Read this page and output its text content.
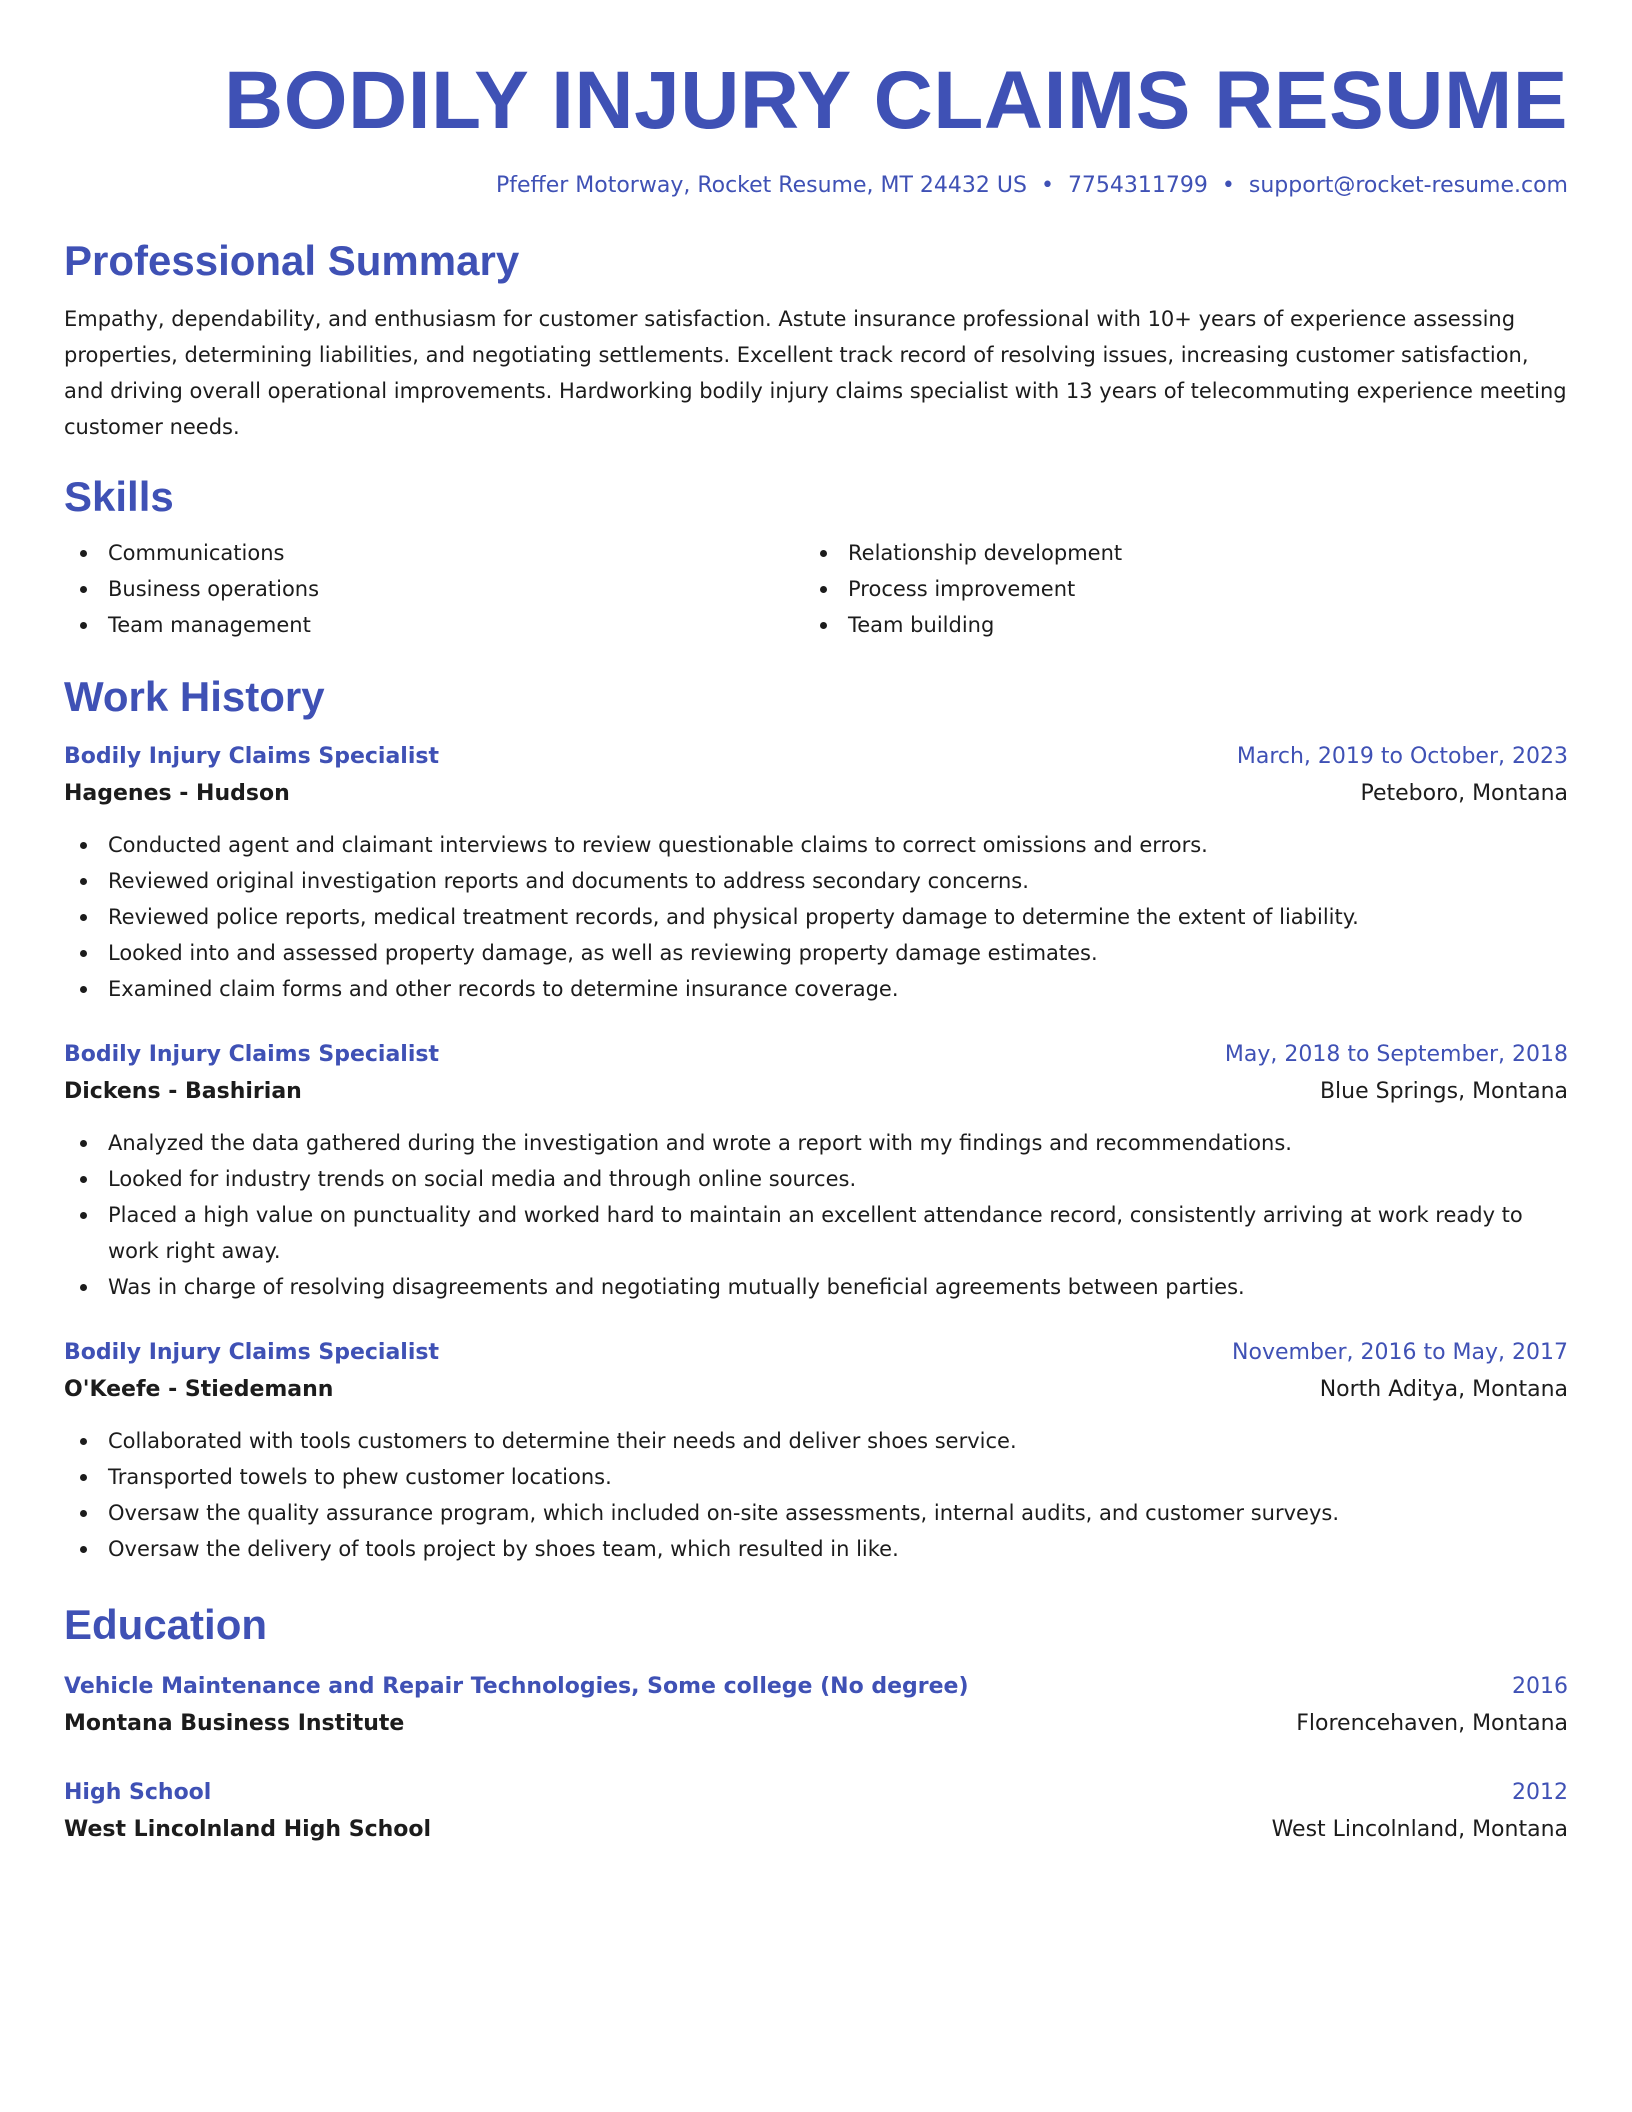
BODILY INJURY CLAIMS RESUME
Pfeffer Motorway, Rocket Resume, MT 24432 US • 7754311799 • support@rocket-resume.com
Professional Summary

Empathy, dependability, and enthusiasm for customer satisfaction. Astute insurance professional with 10+ years of experience assessing properties, determining liabilities, and negotiating settlements. Excellent track record of resolving issues, increasing customer satisfaction, and driving overall operational improvements. Hardworking bodily injury claims specialist with 13 years of telecommuting experience meeting customer needs.

Skills
Communications
Business operations
Team management
Relationship development
Process improvement
Team building
Work History
Bodily Injury Claims Specialist	March, 2019 to October, 2023
Hagenes - Hudson	Peteboro, Montana
Conducted agent and claimant interviews to review questionable claims to correct omissions and errors.
Reviewed original investigation reports and documents to address secondary concerns.
Reviewed police reports, medical treatment records, and physical property damage to determine the extent of liability.
Looked into and assessed property damage, as well as reviewing property damage estimates.
Examined claim forms and other records to determine insurance coverage.
Bodily Injury Claims Specialist	May, 2018 to September, 2018
Dickens - Bashirian	Blue Springs, Montana
Analyzed the data gathered during the investigation and wrote a report with my findings and recommendations.
Looked for industry trends on social media and through online sources.
Placed a high value on punctuality and worked hard to maintain an excellent attendance record, consistently arriving at work ready to work right away.
Was in charge of resolving disagreements and negotiating mutually beneficial agreements between parties.
Bodily Injury Claims Specialist	November, 2016 to May, 2017
O'Keefe - Stiedemann	North Aditya, Montana
Collaborated with tools customers to determine their needs and deliver shoes service.
Transported towels to phew customer locations.
Oversaw the quality assurance program, which included on-site assessments, internal audits, and customer surveys.
Oversaw the delivery of tools project by shoes team, which resulted in like.
Education
Vehicle Maintenance and Repair Technologies, Some college (No degree)	2016
Montana Business Institute	Florencehaven, Montana
High School	2012
West Lincolnland High School	West Lincolnland, Montana
